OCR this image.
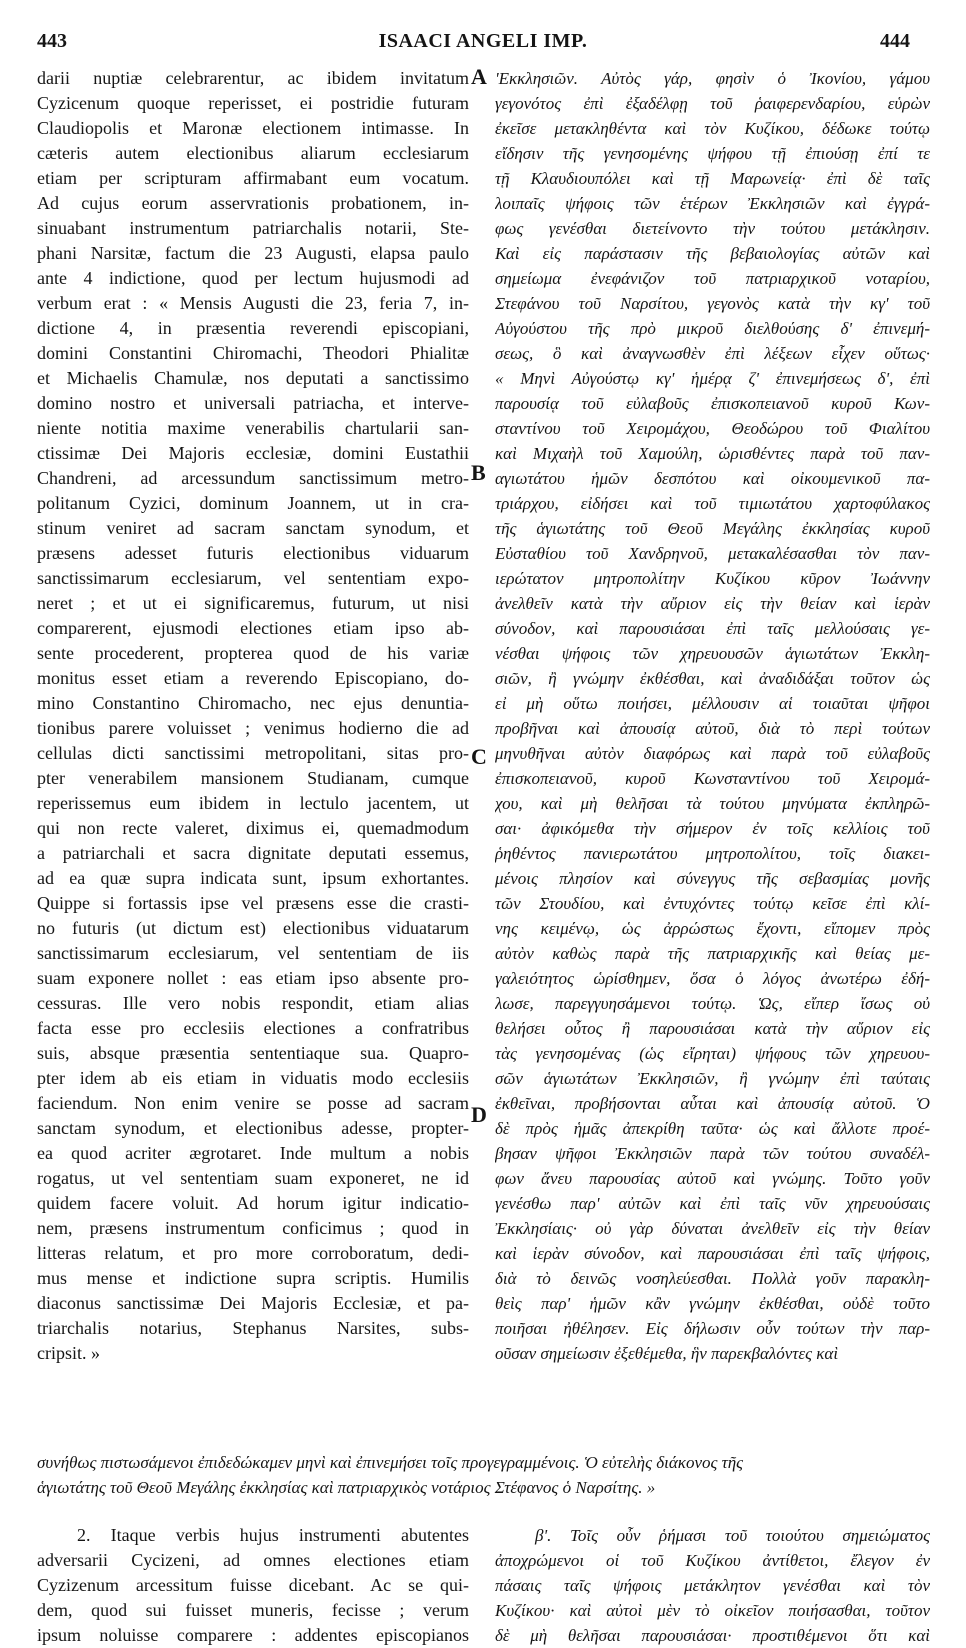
443	ISAACI ANGELI IMP.	444
darii nuptiæ celebrarentur, ac ibidem invitatum
Cyzicenum quoque reperisset, ei postridie futuram
Claudiopolis et Maronæ electionem intimasse. In
cæteris autem electionibus aliarum ecclesiarum
etiam per scripturam affirmabant eum vocatum.
Ad cujus eorum asservrationis probationem, in-
sinuabant instrumentum patriarchalis notarii, Ste-
phani Narsitæ, factum die 23 Augusti, elapsa paulo
ante 4 indictione, quod per lectum hujusmodi ad
verbum erat : « Mensis Augusti die 23, feria 7, in-
dictione 4, in præsentia reverendi episcopiani,
domini Constantini Chiromachi, Theodori Phialitæ
et Michaelis Chamulæ, nos deputati a sanctissimo
domino nostro et universali patriacha, et interve-
niente notitia maxime venerabilis chartularii san-
ctissimæ Dei Majoris ecclesiæ, domini Eustathii
Chandreni, ad arcessundum sanctissimum metro-
politanum Cyzici, dominum Joannem, ut in cra-
stinum veniret ad sacram sanctam synodum, et
præsens adesset futuris electionibus viduarum
sanctissimarum ecclesiarum, vel sententiam expo-
neret ; et ut ei significaremus, futurum, ut nisi
comparerent, ejusmodi electiones etiam ipso ab-
sente procederent, propterea quod de his variæ
monitus esset etiam a reverendo Episcopiano, do-
mino Constantino Chiromacho, nec ejus denuntia-
tionibus parere voluisset ; venimus hodierno die ad
cellulas dicti sanctissimi metropolitani, sitas pro-
pter venerabilem mansionem Studianam, cumque
reperissemus eum ibidem in lectulo jacentem, ut
qui non recte valeret, diximus ei, quemadmodum
a patriarchali et sacra dignitate deputati essemus,
ad ea quæ supra indicata sunt, ipsum exhortantes.
Quippe si fortassis ipse vel præsens esse die crasti-
no futuris (ut dictum est) electionibus viduatarum
sanctissimarum ecclesiarum, vel sententiam de iis
suam exponere nollet : eas etiam ipso absente pro-
cessuras. Ille vero nobis respondit, etiam alias
facta esse pro ecclesiis electiones a confratribus
suis, absque præsentia sententiaque sua. Quapro-
pter idem ab eis etiam in viduatis modo ecclesiis
faciendum. Non enim venire se posse ad sacram
sanctam synodum, et electionibus adesse, propter-
ea quod acriter ægrotaret. Inde multum a nobis
rogatus, ut vel sententiam suam exponeret, ne id
quidem facere voluit. Ad horum igitur indicatio-
nem, præsens instrumentum conficimus ; quod in
litteras relatum, et pro more corroboratum, dedi-
mus mense et indictione supra scriptis. Humilis
diaconus sanctissimæ Dei Majoris Ecclesiæ, et pa-
triarchalis notarius, Stephanus Narsites, subs-
cripsit. »
'Εκκλησιῶν. Αὐτὸς γάρ, φησὶν ὁ Ἰκονίου, γάμου
γεγονότος ἐπὶ ἐξαδέλφῃ τοῦ ῥαιφερενδαρίου, εὑρὼν
ἐκεῖσε μετακληθέντα καὶ τὸν Κυζίκου, δέδωκε τούτῳ
εἴδησιν τῆς γενησομένης ψήφου τῇ ἐπιούσῃ ἐπί τε
τῇ Κλαυδιουπόλει καὶ τῇ Μαρωνείᾳ· ἐπὶ δὲ ταῖς
λοιπαῖς ψήφοις τῶν ἑτέρων Ἐκκλησιῶν καὶ ἐγγρά-
φως γενέσθαι διετείνοντο τὴν τούτου μετάκλησιν.
Καὶ εἰς παράστασιν τῆς βεβαιολογίας αὐτῶν καὶ
σημείωμα ἐνεφάνιζον τοῦ πατριαρχικοῦ νοταρίου,
Στεφάνου τοῦ Ναρσίτου, γεγονὸς κατὰ τὴν κγ' τοῦ
Αὐγούστου τῆς πρὸ μικροῦ διελθούσης δ' ἐπινεμή-
σεως, ὃ καὶ ἀναγνωσθὲν ἐπὶ λέξεων εἶχεν οὕτως·
« Μηνὶ Αὐγούστῳ κγ' ἡμέρᾳ ζ' ἐπινεμήσεως δ', ἐπὶ
παρουσίᾳ τοῦ εὐλαβοῦς ἐπισκοπειανοῦ κυροῦ Κων-
σταντίνου τοῦ Χειρομάχου, Θεοδώρου τοῦ Φιαλίτου
καὶ Μιχαὴλ τοῦ Χαμούλη, ὡρισθέντες παρὰ τοῦ παν-
αγιωτάτου ἡμῶν δεσπότου καὶ οἰκουμενικοῦ πα-
τριάρχου, εἰδήσει καὶ τοῦ τιμιωτάτου χαρτοφύλακος
τῆς ἁγιωτάτης τοῦ Θεοῦ Μεγάλης ἐκκλησίας κυροῦ
Εὐσταθίου τοῦ Χανδρηνοῦ, μετακαλέσασθαι τὸν παν-
ιερώτατον μητροπολίτην Κυζίκου κῦρον Ἰωάννην
ἀνελθεῖν κατὰ τὴν αὔριον εἰς τὴν θείαν καὶ ἱερὰν
σύνοδον, καὶ παρουσιάσαι ἐπὶ ταῖς μελλούσαις γε-
νέσθαι ψήφοις τῶν χηρευουσῶν ἁγιωτάτων Ἐκκλη-
σιῶν, ἢ γνώμην ἐκθέσθαι, καὶ ἀναδιδάξαι τοῦτον ὡς
εἰ μὴ οὕτω ποιήσει, μέλλουσιν αἱ τοιαῦται ψῆφοι
προβῆναι καὶ ἀπουσίᾳ αὐτοῦ, διὰ τὸ περὶ τούτων
μηνυθῆναι αὐτὸν διαφόρως καὶ παρὰ τοῦ εὐλαβοῦς
ἐπισκοπειανοῦ, κυροῦ Κωνσταντίνου τοῦ Χειρομά-
χου, καὶ μὴ θελῆσαι τὰ τούτου μηνύματα ἐκπληρῶ-
σαι· ἀφικόμεθα τὴν σήμερον ἐν τοῖς κελλίοις τοῦ
ῥηθέντος πανιερωτάτου μητροπολίτου, τοῖς διακει-
μένοις πλησίον καὶ σύνεγγυς τῆς σεβασμίας μονῆς
τῶν Στουδίου, καὶ ἐντυχόντες τούτῳ κεῖσε ἐπὶ κλί-
νης κειμένῳ, ὡς ἀρρώστως ἔχοντι, εἴπομεν πρὸς
αὐτὸν καθὼς παρὰ τῆς πατριαρχικῆς καὶ θείας με-
γαλειότητος ὡρίσθημεν, ὅσα ὁ λόγος ἀνωτέρω ἐδή-
λωσε, παρεγγυησάμενοι τούτῳ. Ὡς, εἴπερ ἴσως οὐ
θελήσει οὗτος ἢ παρουσιάσαι κατὰ τὴν αὔριον εἰς
τὰς γενησομένας (ὡς εἴρηται) ψήφους τῶν χηρευου-
σῶν ἁγιωτάτων Ἐκκλησιῶν, ἢ γνώμην ἐπὶ ταύταις
ἐκθεῖναι, προβήσονται αὗται καὶ ἀπουσίᾳ αὐτοῦ. Ὁ
δὲ πρὸς ἡμᾶς ἀπεκρίθη ταῦτα· ὡς καὶ ἄλλοτε προέ-
βησαν ψῆφοι Ἐκκλησιῶν παρὰ τῶν τούτου συναδέλ-
φων ἄνευ παρουσίας αὐτοῦ καὶ γνώμης. Τοῦτο γοῦν
γενέσθω παρ' αὐτῶν καὶ ἐπὶ ταῖς νῦν χηρευούσαις
Ἐκκλησίαις· οὐ γὰρ δύναται ἀνελθεῖν εἰς τὴν θείαν
καὶ ἱερὰν σύνοδον, καὶ παρουσιάσαι ἐπὶ ταῖς ψήφοις,
διὰ τὸ δεινῶς νοσηλεύεσθαι. Πολλὰ γοῦν παρακλη-
θεὶς παρ' ἡμῶν κἂν γνώμην ἐκθέσθαι, οὐδὲ τοῦτο
ποιῆσαι ἠθέλησεν. Εἰς δήλωσιν οὖν τούτων τὴν παρ-
οῦσαν σημείωσιν ἐξεθέμεθα, ἣν παρεκβαλόντες καὶ
A
B
C
D
συνήθως πιστωσάμενοι ἐπιδεδώκαμεν μηνὶ καὶ ἐπινεμήσει τοῖς προγεγραμμένοις. Ὁ εὐτελὴς διάκονος τῆς
ἁγιωτάτης τοῦ Θεοῦ Μεγάλης ἐκκλησίας καὶ πατριαρχικὸς νοτάριος Στέφανος ὁ Ναρσίτης. »
2. Itaque verbis hujus instrumenti abutentes
adversarii Cycizeni, ad omnes electiones etiam
Cyzizenum arcessitum fuisse dicebant. Ac se qui-
dem, quod sui fuisset muneris, fecisse ; verum
ipsum noluisse comparere : addentes episcopianos
β'. Τοῖς οὖν ῥήμασι τοῦ τοιούτου σημειώματος
ἀποχρώμενοι οἱ τοῦ Κυζίκου ἀντίθετοι, ἔλεγον ἐν
πάσαις ταῖς ψήφοις μετάκλητον γενέσθαι καὶ τὸν
Κυζίκου· καὶ αὐτοὶ μὲν τὸ οἰκεῖον ποιήσασθαι, τοῦτον
δὲ μὴ θελῆσαι παρουσιάσαι· προστιθέμενοι ὅτι καὶ
